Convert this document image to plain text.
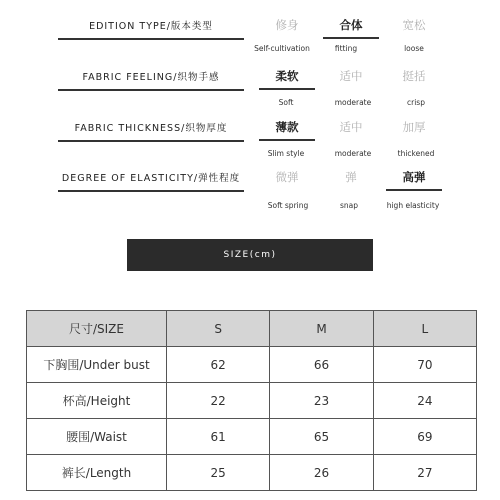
EDITION TYPE/版本类型	修身	合体	宽松
Self-cultivation	fitting	loose
FABRIC FEELING/织物手感	柔软	适中	挺括
Soft	moderate	crisp
FABRIC THICKNESS/织物厚度	薄款	适中	加厚
Slim style	moderate	thickened
DEGREE OF ELASTICITY/弹性程度	微弹	弹	高弹
Soft spring	snap	high elasticity
SIZE(cm)
尺寸/SIZE	S	M	L
下胸围/Under bust	62	66	70
杯高/Height	22	23	24
腰围/Waist	61	65	69
裤长/Length	25	26	27
